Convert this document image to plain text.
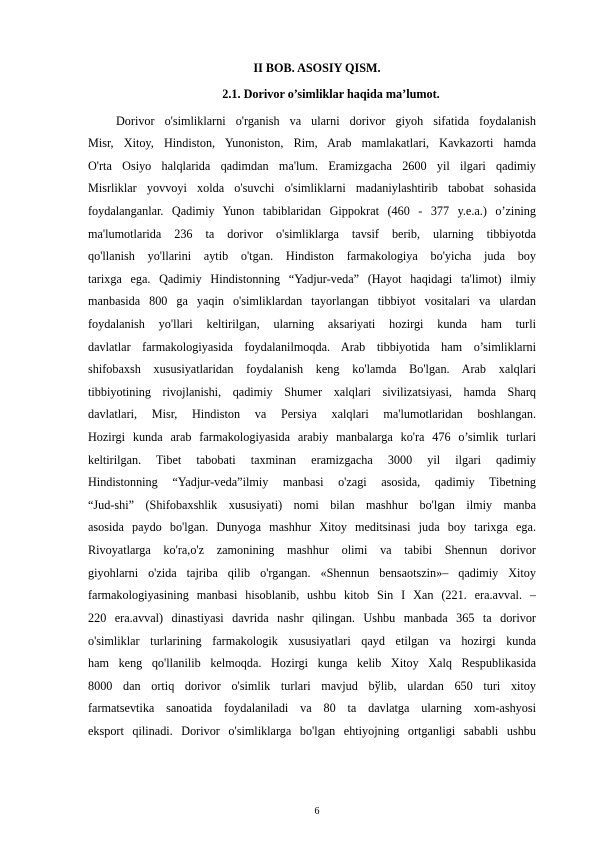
II BOB. ASOSIY QISM.
2.1. Dorivor o’simliklar haqida ma’lumot.
Dorivor o'simliklarni o'rganish va ularni dorivor giyoh sifatida foydalanish
Misr, Xitoy, Hindiston, Yunoniston, Rim, Arab mamlakatlari, Kavkazorti hamda
O'rta Osiyo halqlarida qadimdan ma'lum. Eramizgacha 2600 yil ilgari qadimiy
Misrliklar yovvoyi xolda o'suvchi o'simliklarni madaniylashtirib tabobat sohasida
foydalanganlar. Qadimiy Yunon tabiblaridan Gippokrat (460 - 377 y.e.a.) o’zining
ma'lumotlarida 236 ta dorivor o'simliklarga tavsif berib, ularning tibbiyotda
qo'llanish yo'llarini aytib o'tgan. Hindiston farmakologiya bo'yicha juda boy
tarixga ega. Qadimiy Hindistonning “Yadjur-veda” (Hayot haqidagi ta'limot) ilmiy
manbasida 800 ga yaqin o'simliklardan tayorlangan tibbiyot vositalari va ulardan
foydalanish yo'llari keltirilgan, ularning aksariyati hozirgi kunda ham turli
davlatlar farmakologiyasida foydalanilmoqda. Arab tibbiyotida ham o’simliklarni
shifobaxsh xususiyatlaridan foydalanish keng ko'lamda Bo'lgan. Arab xalqlari
tibbiyotining rivojlanishi, qadimiy Shumer xalqlari sivilizatsiyasi, hamda Sharq
davlatlari, Misr, Hindiston va Persiya xalqlari ma'lumotlaridan boshlangan.
Hozirgi kunda arab farmakologiyasida arabiy manbalarga ko'ra 476 o’simlik turlari
keltirilgan. Tibet tabobati taxminan eramizgacha 3000 yil ilgari qadimiy
Hindistonning “Yadjur-veda”ilmiy manbasi o'zagi asosida, qadimiy Tibetning
“Jud-shi” (Shifobaxshlik xususiyati) nomi bilan mashhur bo'lgan ilmiy manba
asosida paydo bo'lgan. Dunyoga mashhur Xitoy meditsinasi juda boy tarixga ega.
Rivoyatlarga ko'ra,o'z zamonining mashhur olimi va tabibi Shennun dorivor
giyohlarni o'zida tajriba qilib o'rgangan. «Shennun bensaotszin»– qadimiy Xitoy
farmakologiyasining manbasi hisoblanib, ushbu kitob Sin I Xan (221. era.avval. –
220 era.avval) dinastiyasi davrida nashr qilingan. Ushbu manbada 365 ta dorivor
o'simliklar turlarining farmakologik xususiyatlari qayd etilgan va hozirgi kunda
ham keng qo'llanilib kelmoqda. Hozirgi kunga kelib Xitoy Xalq Respublikasida
8000 dan ortiq dorivor o'simlik turlari mavjud bўlib, ulardan 650 turi xitoy
farmatsevtika sanoatida foydalaniladi va 80 ta davlatga ularning xom-ashyosi
eksport qilinadi. Dorivor o'simliklarga bo'lgan ehtiyojning ortganligi sababli ushbu
6
